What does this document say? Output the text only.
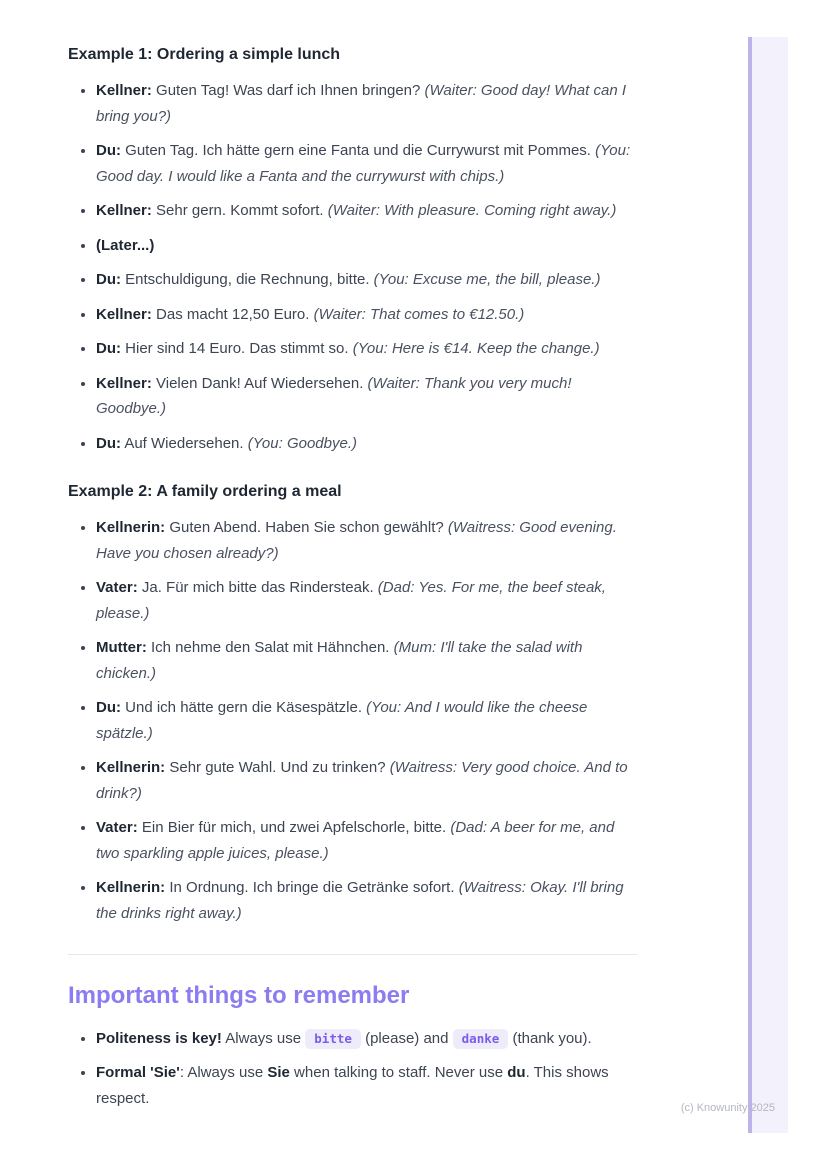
Example 1: Ordering a simple lunch
• Kellner: Guten Tag! Was darf ich Ihnen bringen? (Waiter: Good day! What can I bring you?)
• Du: Guten Tag. Ich hätte gern eine Fanta und die Currywurst mit Pommes. (You: Good day. I would like a Fanta and the currywurst with chips.)
• Kellner: Sehr gern. Kommt sofort. (Waiter: With pleasure. Coming right away.)
• (Later...)
• Du: Entschuldigung, die Rechnung, bitte. (You: Excuse me, the bill, please.)
• Kellner: Das macht 12,50 Euro. (Waiter: That comes to €12.50.)
• Du: Hier sind 14 Euro. Das stimmt so. (You: Here is €14. Keep the change.)
• Kellner: Vielen Dank! Auf Wiedersehen. (Waiter: Thank you very much! Goodbye.)
• Du: Auf Wiedersehen. (You: Goodbye.)
Example 2: A family ordering a meal
• Kellnerin: Guten Abend. Haben Sie schon gewählt? (Waitress: Good evening. Have you chosen already?)
• Vater: Ja. Für mich bitte das Rindersteak. (Dad: Yes. For me, the beef steak, please.)
• Mutter: Ich nehme den Salat mit Hähnchen. (Mum: I'll take the salad with chicken.)
• Du: Und ich hätte gern die Käsespätzle. (You: And I would like the cheese spätzle.)
• Kellnerin: Sehr gute Wahl. Und zu trinken? (Waitress: Very good choice. And to drink?)
• Vater: Ein Bier für mich, und zwei Apfelschorle, bitte. (Dad: A beer for me, and two sparkling apple juices, please.)
• Kellnerin: In Ordnung. Ich bringe die Getränke sofort. (Waitress: Okay. I'll bring the drinks right away.)
Important things to remember
• Politeness is key! Always use bitte (please) and danke (thank you).
• Formal 'Sie': Always use Sie when talking to staff. Never use du. This shows respect.
(c) Knowunity 2025
